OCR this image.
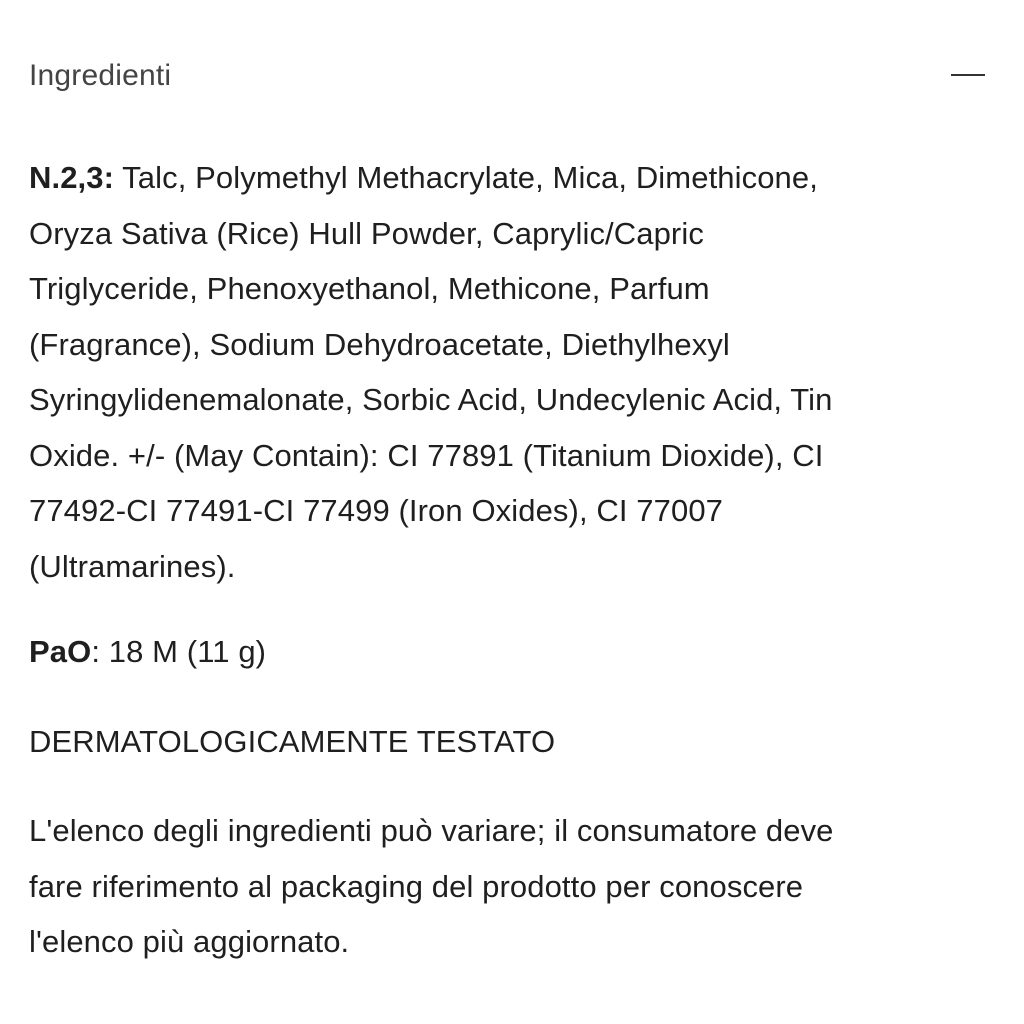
Ingredienti

N.2,3: Talc, Polymethyl Methacrylate, Mica, Dimethicone,
Oryza Sativa (Rice) Hull Powder, Caprylic/Capric
Triglyceride, Phenoxyethanol, Methicone, Parfum
(Fragrance), Sodium Dehydroacetate, Diethylhexyl
Syringylidenemalonate, Sorbic Acid, Undecylenic Acid, Tin
Oxide. +/- (May Contain): CI 77891 (Titanium Dioxide), CI
77492-CI 77491-CI 77499 (Iron Oxides), CI 77007
(Ultramarines).

PaO: 18 M (11 g)

DERMATOLOGICAMENTE TESTATO

L'elenco degli ingredienti può variare; il consumatore deve
fare riferimento al packaging del prodotto per conoscere
l'elenco più aggiornato.
